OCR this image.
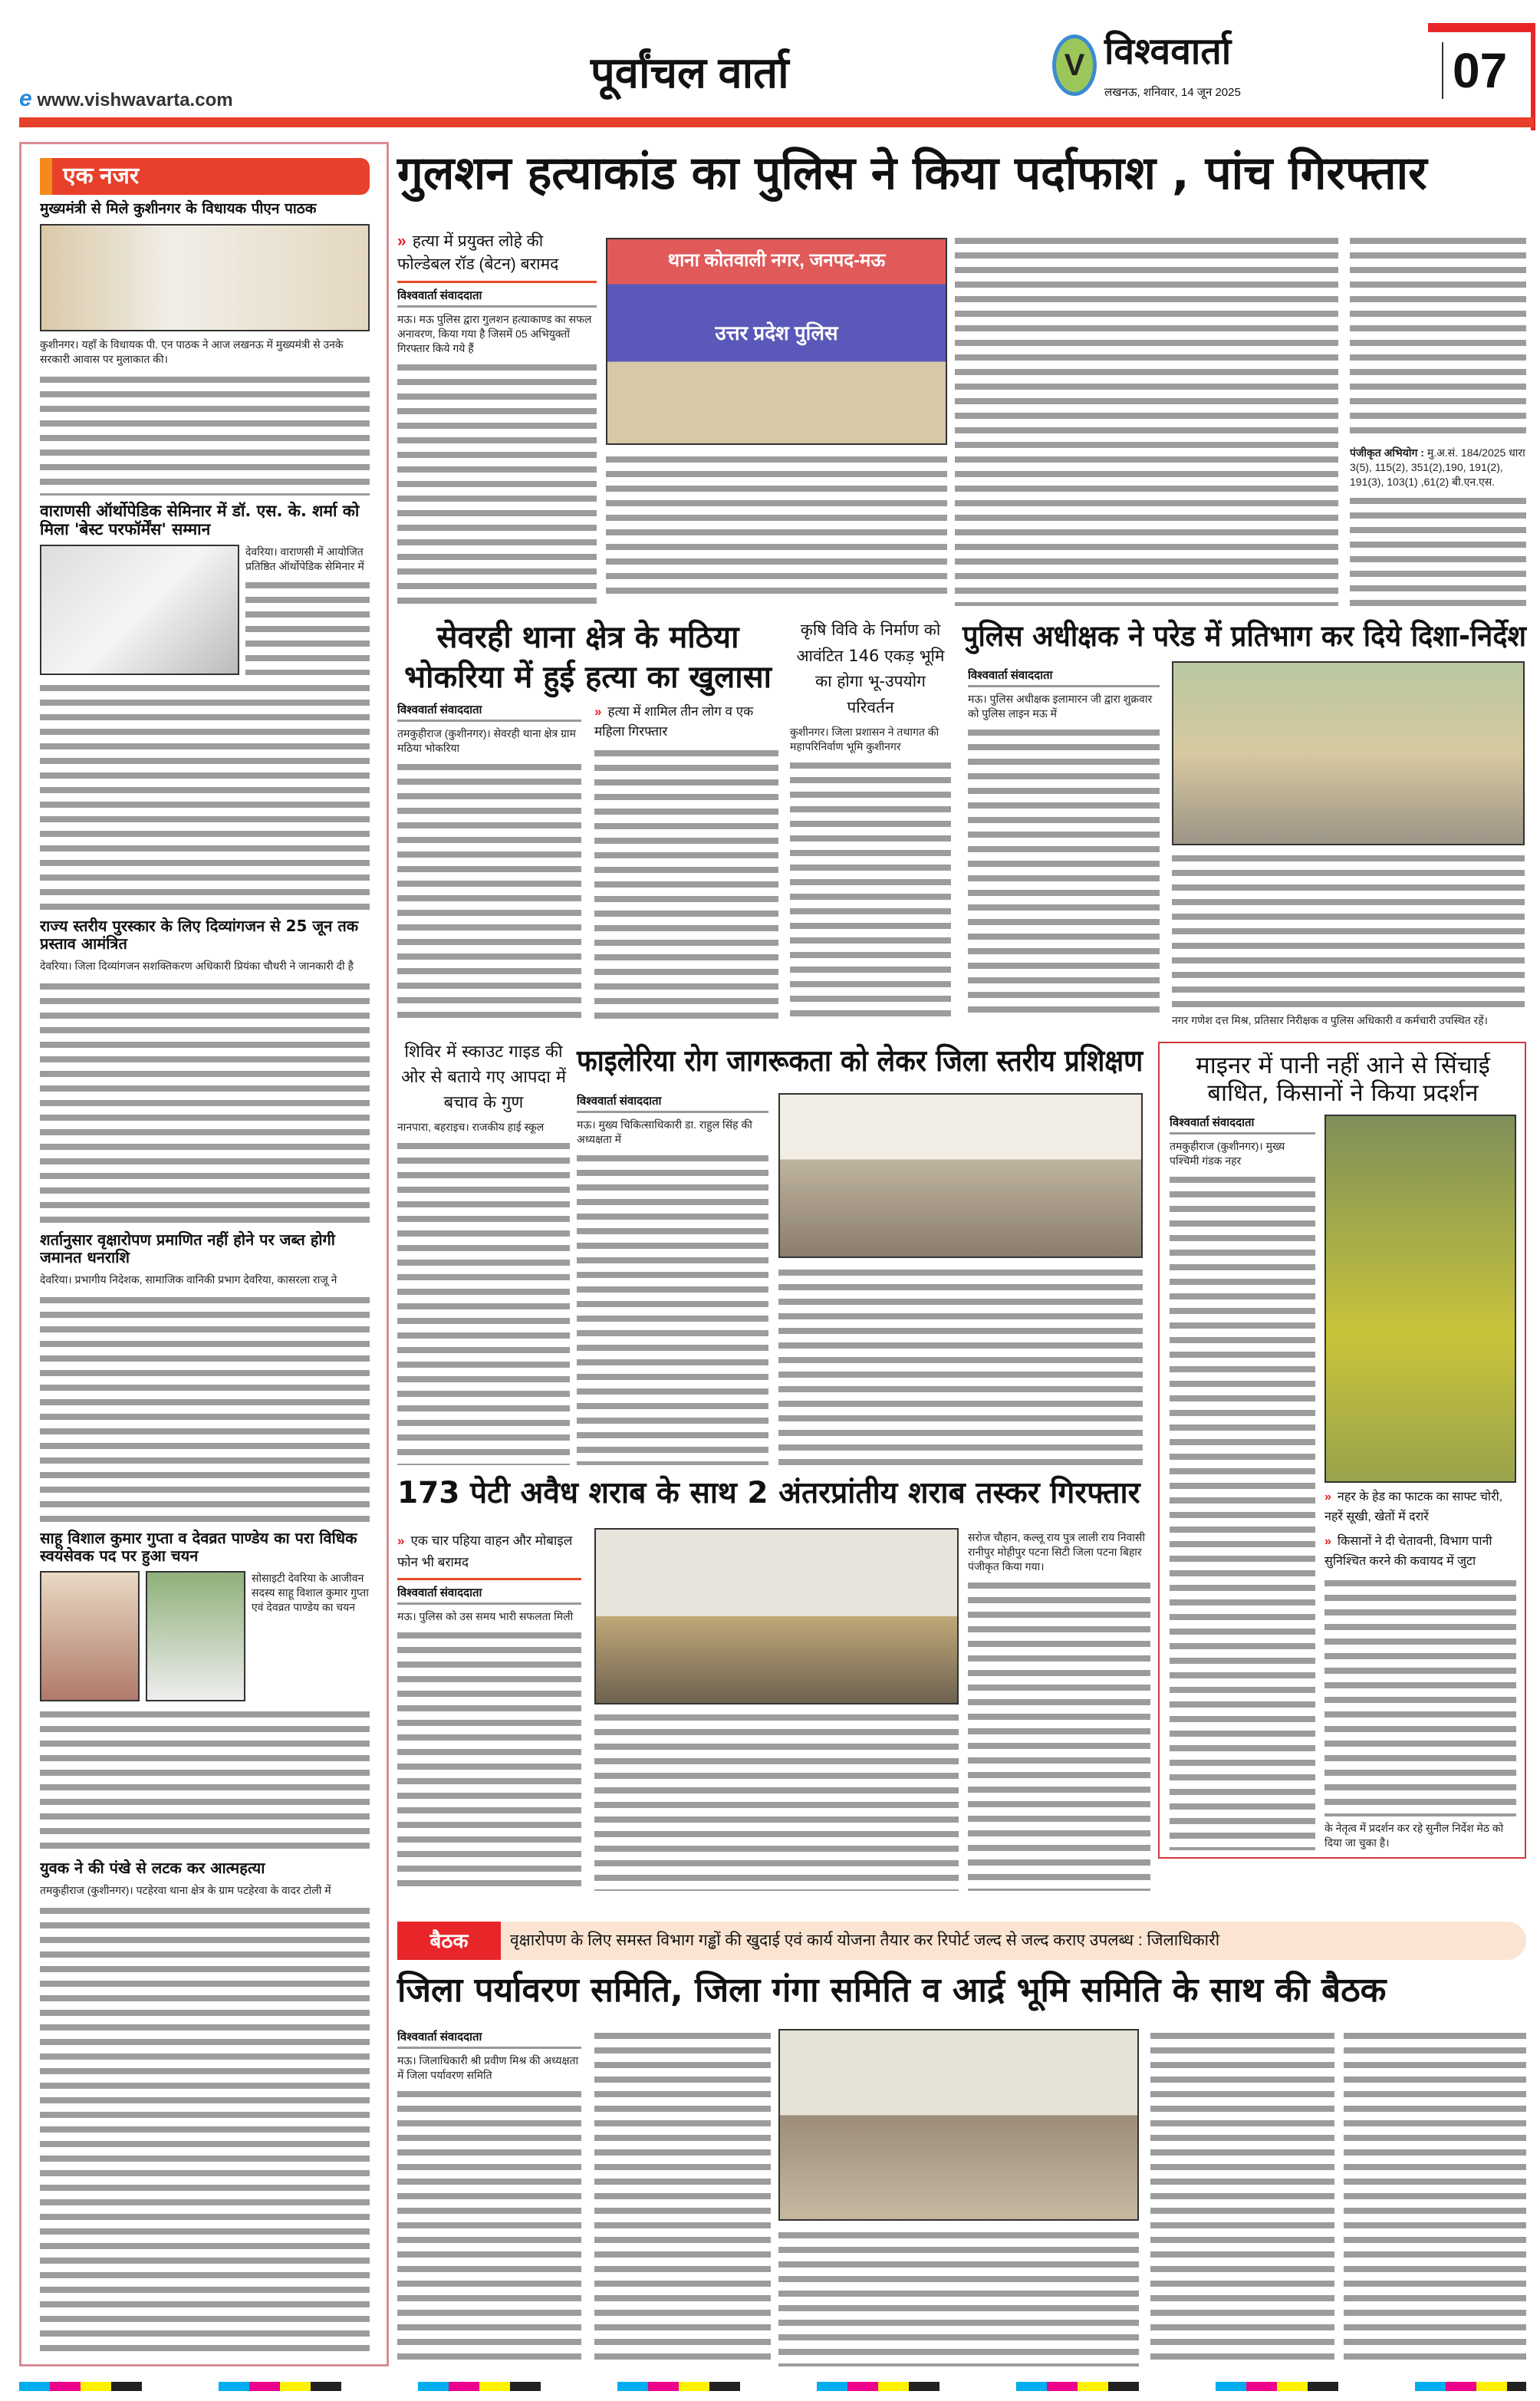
e www.vishwavarta.com
पूर्वांचल वार्ता	V विश्ववार्ता
लखनऊ, शनिवार, 14 जून 2025	07
एक नजर
मुख्यमंत्री से मिले कुशीनगर के विधायक पीएन पाठक
कुशीनगर। यहाँ के विधायक पी. एन पाठक ने आज लखनऊ में मुख्यमंत्री से उनके सरकारी आवास पर मुलाकात की।
वाराणसी ऑर्थोपेडिक सेमिनार में डॉ. एस. के. शर्मा को मिला 'बेस्ट परफॉर्मेंस' सम्मान
देवरिया। वाराणसी में आयोजित प्रतिष्ठित ऑर्थोपेडिक सेमिनार में
राज्य स्तरीय पुरस्कार के लिए दिव्यांगजन से 25 जून तक प्रस्ताव आमंत्रित
देवरिया। जिला दिव्यांगजन सशक्तिकरण अधिकारी प्रियंका चौधरी ने जानकारी दी है
शर्तानुसार वृक्षारोपण प्रमाणित नहीं होने पर जब्त होगी जमानत धनराशि
देवरिया। प्रभागीय निदेशक, सामाजिक वानिकी प्रभाग देवरिया, कासरला राजू ने
साहू विशाल कुमार गुप्ता व देवव्रत पाण्डेय का परा विधिक स्वयंसेवक पद पर हुआ चयन
सोसाइटी देवरिया के आजीवन सदस्य साहू विशाल कुमार गुप्ता एवं देवव्रत पाण्डेय का चयन
युवक ने की पंखे से लटक कर आत्महत्या
तमकुहीराज (कुशीनगर)। पटहेरवा थाना क्षेत्र के ग्राम पटहेरवा के वादर टोली में
गुलशन हत्याकांड का पुलिस ने किया पर्दाफाश , पांच गिरफ्तार
» हत्या में प्रयुक्त लोहे की फोल्डेबल रॉड (बेटन) बरामद
विश्ववार्ता संवाददाता
मऊ। मऊ पुलिस द्वारा गुलशन हत्याकाण्ड का सफल अनावरण, किया गया है जिसमें 05 अभियुक्तों गिरफ्तार किये गये हैं
थाना कोतवाली नगर, जनपद-मऊ
उत्तर प्रदेश पुलिस
पंजीकृत अभियोग : मु.अ.सं. 184/2025 धारा 3(5), 115(2), 351(2),190, 191(2), 191(3), 103(1) ,61(2) बी.एन.एस.
सेवरही थाना क्षेत्र के मठिया भोकरिया में हुई हत्या का खुलासा
विश्ववार्ता संवाददाता
तमकुहीराज (कुशीनगर)। सेवरही थाना क्षेत्र ग्राम मठिया भोकरिया
» हत्या में शामिल तीन लोग व एक महिला गिरफ्तार
कृषि विवि के निर्माण को आवंटित 146 एकड़ भूमि का होगा भू-उपयोग परिवर्तन
कुशीनगर। जिला प्रशासन ने तथागत की महापरिनिर्वाण भूमि कुशीनगर
पुलिस अधीक्षक ने परेड में प्रतिभाग कर दिये दिशा-निर्देश
विश्ववार्ता संवाददाता
मऊ। पुलिस अधीक्षक इलामारन जी द्वारा शुक्रवार को पुलिस लाइन मऊ में
नगर गणेश दत्त मिश्र, प्रतिसार निरीक्षक व पुलिस अधिकारी व कर्मचारी उपस्थित रहें।
शिविर में स्काउट गाइड की ओर से बताये गए आपदा में बचाव के गुण
नानपारा, बहराइच। राजकीय हाई स्कूल
फाइलेरिया रोग जागरूकता को लेकर जिला स्तरीय प्रशिक्षण
विश्ववार्ता संवाददाता
मऊ। मुख्य चिकित्साधिकारी डा. राहुल सिंह की अध्यक्षता में
माइनर में पानी नहीं आने से सिंचाई बाधित, किसानों ने किया प्रदर्शन
विश्ववार्ता संवाददाता
तमकुहीराज (कुशीनगर)। मुख्य पश्चिमी गंडक नहर
» नहर के हेड का फाटक का साफ्ट चोरी, नहरें सूखी, खेतों में दरारें
» किसानों ने दी चेतावनी, विभाग पानी सुनिश्चित करने की कवायद में जुटा
के नेतृत्व में प्रदर्शन कर रहे सुनील निर्देश मेठ को दिया जा चुका है।
173 पेटी अवैध शराब के साथ 2 अंतरप्रांतीय शराब तस्कर गिरफ्तार
» एक चार पहिया वाहन और मोबाइल फोन भी बरामद
विश्ववार्ता संवाददाता
मऊ। पुलिस को उस समय भारी सफलता मिली
सरोज चौहान, कल्लू राय पुत्र लाली राय निवासी रानीपुर मोहीपुर पटना सिटी जिला पटना बिहार पंजीकृत किया गया।
बैठक	वृक्षारोपण के लिए समस्त विभाग गड्ढों की खुदाई एवं कार्य योजना तैयार कर रिपोर्ट जल्द से जल्द कराए उपलब्ध : जिलाधिकारी
जिला पर्यावरण समिति, जिला गंगा समिति व आर्द्र भूमि समिति के साथ की बैठक
विश्ववार्ता संवाददाता
मऊ। जिलाधिकारी श्री प्रवीण मिश्र की अध्यक्षता में जिला पर्यावरण समिति
